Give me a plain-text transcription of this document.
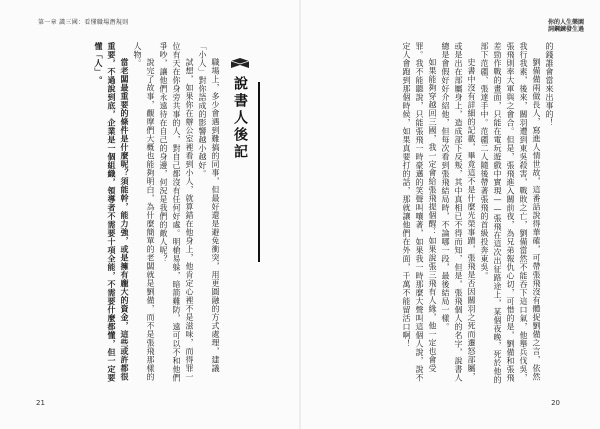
第一章 識三國：看懂職場潛規則

職場上，多少會遇到難搞的同事，但最好還是避免衝突，用更圓融的方式處理，建議「小人」對你語成的影響越小越好。

試想，如果你在辦公室裡看到小人，就算錯在他身上，他肯定心裡不是滋味，而得罪一位有天在你身旁共事的人，對自己都沒有任何好處。明槍易躲，暗箭難防，遠可以不和他們爭吵，讓他們永遠待在自己的身邊，何況是我們的敵人呢？

說完了故事，觀摩們大概也能夠明白，為什麼簡單的老闆就是劉備，而不是張飛那樣的人物。

當老闆最重要的條件是什麼呢？須能幹，能力強，或是擁有龐大的資金，這些或許都很重要，不過說到底，企業是一個組織，領導者不需要十項全能，不需要什麼都懂，但一定要懂「人」。

說書人後記
21
你的人生樂園
詞鋼鍊發生過

的錢誰會當來出事的！

劉備備兩做長人，寫進人情世故，這番話說得華確，可帶張飛沒有體捉劉備之言，依然我行我素，後來，關羽遭到東吳殺害，戰敗之亡，劉備當然不能吞下這口氣，他舉兵伐吳，張飛則率大軍與之會合。但是，張飛進入關前夜，為兄弟報仇心切，可惜的是，劉備和張飛差勁作戰的畫面，只能在電玩遊戲中實現——張飛在這次出征路途上，某個夜晚，死於他的部下范疆、張達手中。范疆二人隨後帶著張飛的首級投奔東吳。

史書中沒有詳細的記載，畢竟這不是什麼光榮事蹟，張飛是否因關羽之死而遷怒部屬，或是出在部屬身上，造成部下反叛，其中真相已不得而知，但是，張飛個人的名字，說書人總是會假好好介紹他，但每次看到張飛結局時，不論哪一段，最後結局一樣。

如果能夠穿越回三國，我一定會給張飛提個醒：如果說張三飛有人緣，他一定也會受罪。我不能聽說，只能張飛一時豪邁的笑聲叫嚷著，如果我一時那麼大聲叫這個人說，說不定人會跑到那個時候，如果真要打的話，那就讓他們在外面，千萬不能留活口啊！

20
